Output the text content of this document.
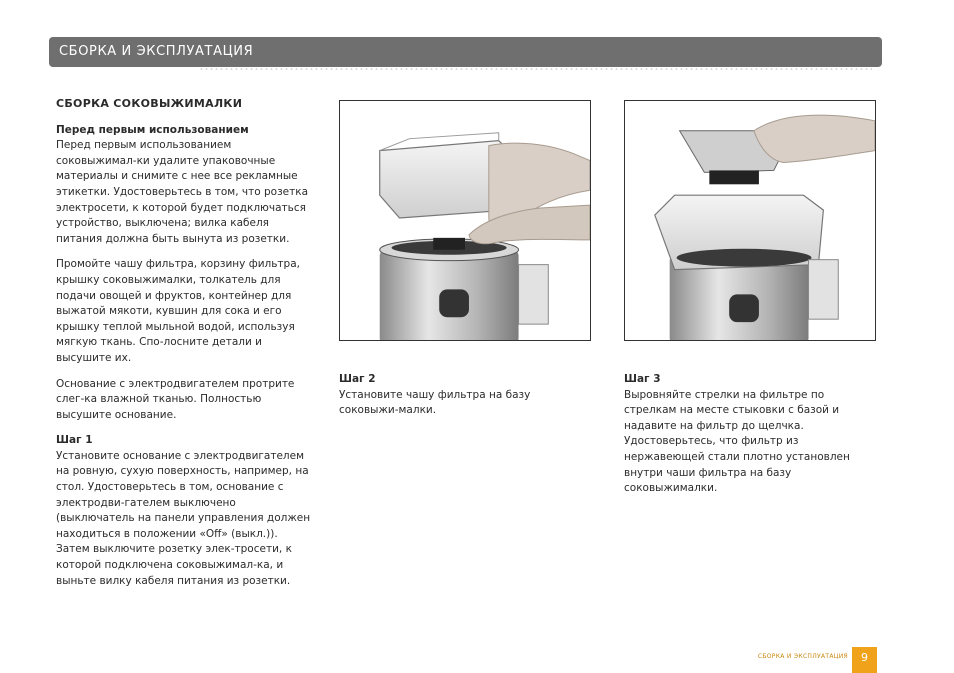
СБОРКА И ЭКСПЛУАТАЦИЯ
СБОРКА СОКОВЫЖИМАЛКИ
Перед первым использованием

Перед первым использованием соковыжимал-ки удалите упаковочные материалы и снимите с нее все рекламные этикетки. Удостоверьтесь в том, что розетка электросети, к которой будет подключаться устройство, выключена; вилка кабеля питания должна быть вынута из розетки.

Промойте чашу фильтра, корзину фильтра, крышку соковыжималки, толкатель для подачи овощей и фруктов, контейнер для выжатой мякоти, кувшин для сока и его крышку теплой мыльной водой, используя мягкую ткань. Спо-лосните детали и высушите их.

Основание с электродвигателем протрите слег-ка влажной тканью. Полностью высушите основание.

Шаг 1

Установите основание с электродвигателем на ровную, сухую поверхность, например, на стол. Удостоверьтесь в том, основание с электродви-гателем выключено (выключатель на панели управления должен находиться в положении «Off» (выкл.)). Затем выключите розетку элек-тросети, к которой подключена соковыжимал-ка, и выньте вилку кабеля питания из розетки.

Шаг 2

Установите чашу фильтра на базу соковыжи-малки.

Шаг 3

Выровняйте стрелки на фильтре по стрелкам на месте стыковки с базой и надавите на фильтр до щелчка. Удостоверьтесь, что фильтр из нержавеющей стали плотно установлен внутри чаши фильтра на базу соковыжималки.

СБОРКА И ЭКСПЛУАТАЦИЯ	9
